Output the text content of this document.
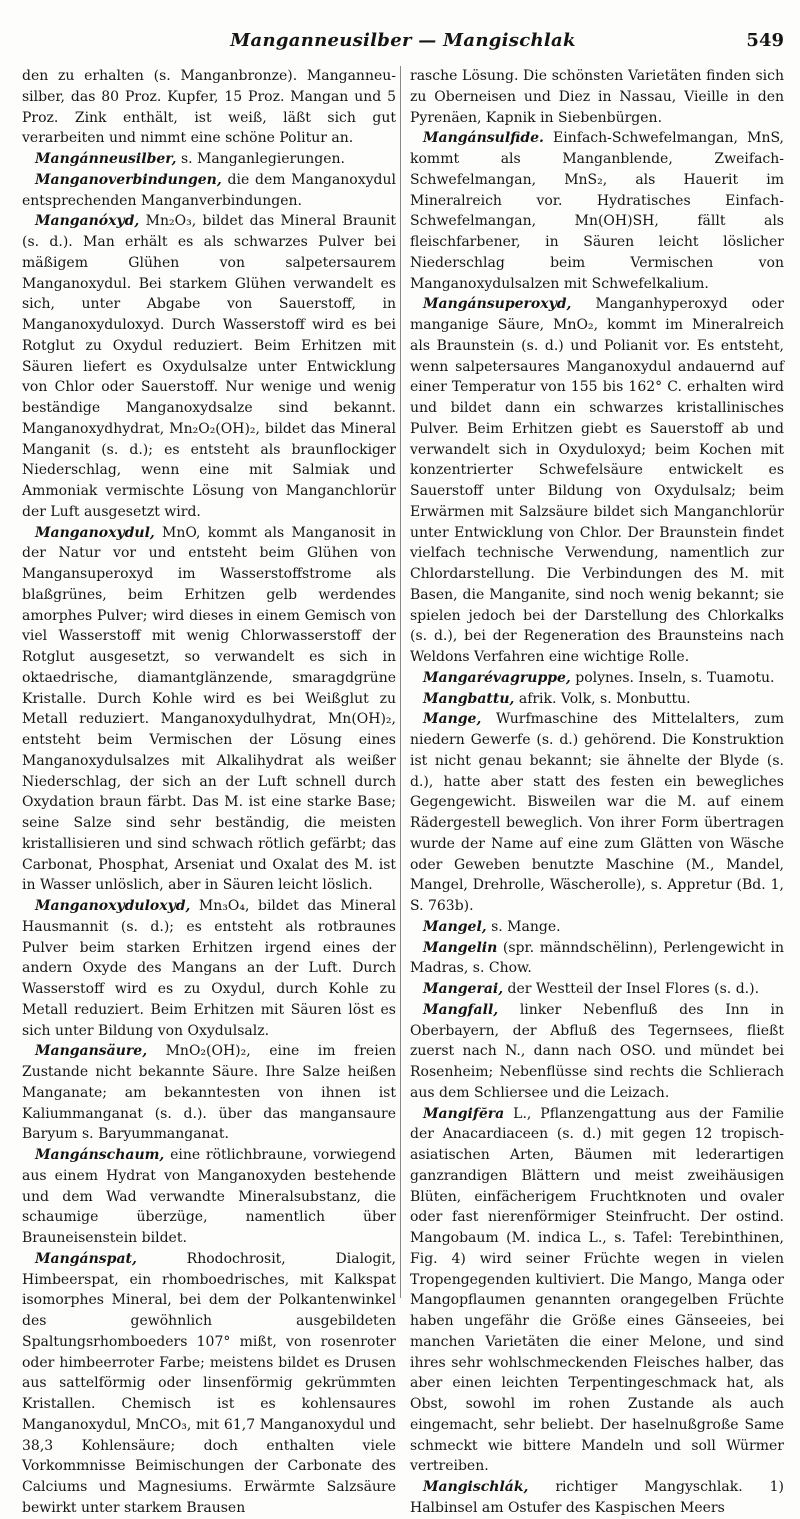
Manganneusilber — Mangischlak	549

den zu erhalten (s. Manganbronze). Manganneusilber, das 80 Proz. Kupfer, 15 Proz. Mangan und 5 Proz. Zink enthält, ist weiß, läßt sich gut verarbeiten und nimmt eine schöne Politur an.

Mangánneusilber, s. Manganlegierungen.

Manganoverbindungen, die dem Manganoxydul entsprechenden Manganverbindungen.

Manganóxyd, Mn₂O₃, bildet das Mineral Braunit (s. d.). Man erhält es als schwarzes Pulver bei mäßigem Glühen von salpetersaurem Manganoxydul. Bei starkem Glühen verwandelt es sich, unter Abgabe von Sauerstoff, in Manganoxyduloxyd. Durch Wasserstoff wird es bei Rotglut zu Oxydul reduziert. Beim Erhitzen mit Säuren liefert es Oxydulsalze unter Entwicklung von Chlor oder Sauerstoff. Nur wenige und wenig beständige Manganoxydsalze sind bekannt. Manganoxydhydrat, Mn₂O₂(OH)₂, bildet das Mineral Manganit (s. d.); es entsteht als braunflockiger Niederschlag, wenn eine mit Salmiak und Ammoniak vermischte Lösung von Manganchlorür der Luft ausgesetzt wird.

Manganoxydul, MnO, kommt als Manganosit in der Natur vor und entsteht beim Glühen von Mangansuperoxyd im Wasserstoffstrome als blaßgrünes, beim Erhitzen gelb werdendes amorphes Pulver; wird dieses in einem Gemisch von viel Wasserstoff mit wenig Chlorwasserstoff der Rotglut ausgesetzt, so verwandelt es sich in oktaedrische, diamantglänzende, smaragdgrüne Kristalle. Durch Kohle wird es bei Weißglut zu Metall reduziert. Manganoxydulhydrat, Mn(OH)₂, entsteht beim Vermischen der Lösung eines Manganoxydulsalzes mit Alkalihydrat als weißer Niederschlag, der sich an der Luft schnell durch Oxydation braun färbt. Das M. ist eine starke Base; seine Salze sind sehr beständig, die meisten kristallisieren und sind schwach rötlich gefärbt; das Carbonat, Phosphat, Arseniat und Oxalat des M. ist in Wasser unlöslich, aber in Säuren leicht löslich.

Manganoxyduloxyd, Mn₃O₄, bildet das Mineral Hausmannit (s. d.); es entsteht als rotbraunes Pulver beim starken Erhitzen irgend eines der andern Oxyde des Mangans an der Luft. Durch Wasserstoff wird es zu Oxydul, durch Kohle zu Metall reduziert. Beim Erhitzen mit Säuren löst es sich unter Bildung von Oxydulsalz.

Mangansäure, MnO₂(OH)₂, eine im freien Zustande nicht bekannte Säure. Ihre Salze heißen Manganate; am bekanntesten von ihnen ist Kaliummanganat (s. d.). über das mangansaure Baryum s. Baryummanganat.

Mangánschaum, eine rötlichbraune, vorwiegend aus einem Hydrat von Manganoxyden bestehende und dem Wad verwandte Mineralsubstanz, die schaumige überzüge, namentlich über Brauneisenstein bildet.

Mangánspat, Rhodochrosit, Dialogit, Himbeerspat, ein rhomboedrisches, mit Kalkspat isomorphes Mineral, bei dem der Polkantenwinkel des gewöhnlich ausgebildeten Spaltungsrhomboeders 107° mißt, von rosenroter oder himbeerroter Farbe; meistens bildet es Drusen aus sattelförmig oder linsenförmig gekrümmten Kristallen. Chemisch ist es kohlensaures Manganoxydul, MnCO₃, mit 61,7 Manganoxydul und 38,3 Kohlensäure; doch enthalten viele Vorkommnisse Beimischungen der Carbonate des Calciums und Magnesiums. Erwärmte Salzsäure bewirkt unter starkem Brausen

rasche Lösung. Die schönsten Varietäten finden sich zu Oberneisen und Diez in Nassau, Vieille in den Pyrenäen, Kapnik in Siebenbürgen.

Mangánsulfide. Einfach-Schwefelmangan, MnS, kommt als Manganblende, Zweifach-Schwefelmangan, MnS₂, als Hauerit im Mineralreich vor. Hydratisches Einfach-Schwefelmangan, Mn(OH)SH, fällt als fleischfarbener, in Säuren leicht löslicher Niederschlag beim Vermischen von Manganoxydulsalzen mit Schwefelkalium.

Mangánsuperoxyd, Manganhyperoxyd oder manganige Säure, MnO₂, kommt im Mineralreich als Braunstein (s. d.) und Polianit vor. Es entsteht, wenn salpetersaures Manganoxydul andauernd auf einer Temperatur von 155 bis 162° C. erhalten wird und bildet dann ein schwarzes kristallinisches Pulver. Beim Erhitzen giebt es Sauerstoff ab und verwandelt sich in Oxyduloxyd; beim Kochen mit konzentrierter Schwefelsäure entwickelt es Sauerstoff unter Bildung von Oxydulsalz; beim Erwärmen mit Salzsäure bildet sich Manganchlorür unter Entwicklung von Chlor. Der Braunstein findet vielfach technische Verwendung, namentlich zur Chlordarstellung. Die Verbindungen des M. mit Basen, die Manganite, sind noch wenig bekannt; sie spielen jedoch bei der Darstellung des Chlorkalks (s. d.), bei der Regeneration des Braunsteins nach Weldons Verfahren eine wichtige Rolle.

Mangarévagruppe, polynes. Inseln, s. Tuamotu.

Mangbattu, afrik. Volk, s. Monbuttu.

Mange, Wurfmaschine des Mittelalters, zum niedern Gewerfe (s. d.) gehörend. Die Konstruktion ist nicht genau bekannt; sie ähnelte der Blyde (s. d.), hatte aber statt des festen ein bewegliches Gegengewicht. Bisweilen war die M. auf einem Rädergestell beweglich. Von ihrer Form übertragen wurde der Name auf eine zum Glätten von Wäsche oder Geweben benutzte Maschine (M., Mandel, Mangel, Drehrolle, Wäscherolle), s. Appretur (Bd. 1, S. 763b).

Mangel, s. Mange.

Mangelin (spr. männdschëlinn), Perlengewicht in Madras, s. Chow.

Mangerai, der Westteil der Insel Flores (s. d.).

Mangfall, linker Nebenfluß des Inn in Oberbayern, der Abfluß des Tegernsees, fließt zuerst nach N., dann nach OSO. und mündet bei Rosenheim; Nebenflüsse sind rechts die Schlierach aus dem Schliersee und die Leizach.

Mangifĕra L., Pflanzengattung aus der Familie der Anacardiaceen (s. d.) mit gegen 12 tropisch-asiatischen Arten, Bäumen mit lederartigen ganzrandigen Blättern und meist zweihäusigen Blüten, einfächerigem Fruchtknoten und ovaler oder fast nierenförmiger Steinfrucht. Der ostind. Mangobaum (M. indica L., s. Tafel: Terebinthinen, Fig. 4) wird seiner Früchte wegen in vielen Tropengegenden kultiviert. Die Mango, Manga oder Mangopflaumen genannten orangegelben Früchte haben ungefähr die Größe eines Gänseeies, bei manchen Varietäten die einer Melone, und sind ihres sehr wohlschmeckenden Fleisches halber, das aber einen leichten Terpentingeschmack hat, als Obst, sowohl im rohen Zustande als auch eingemacht, sehr beliebt. Der haselnußgroße Same schmeckt wie bittere Mandeln und soll Würmer vertreiben.

Mangischlák, richtiger Mangyschlak. 1) Halbinsel am Ostufer des Kaspischen Meers
